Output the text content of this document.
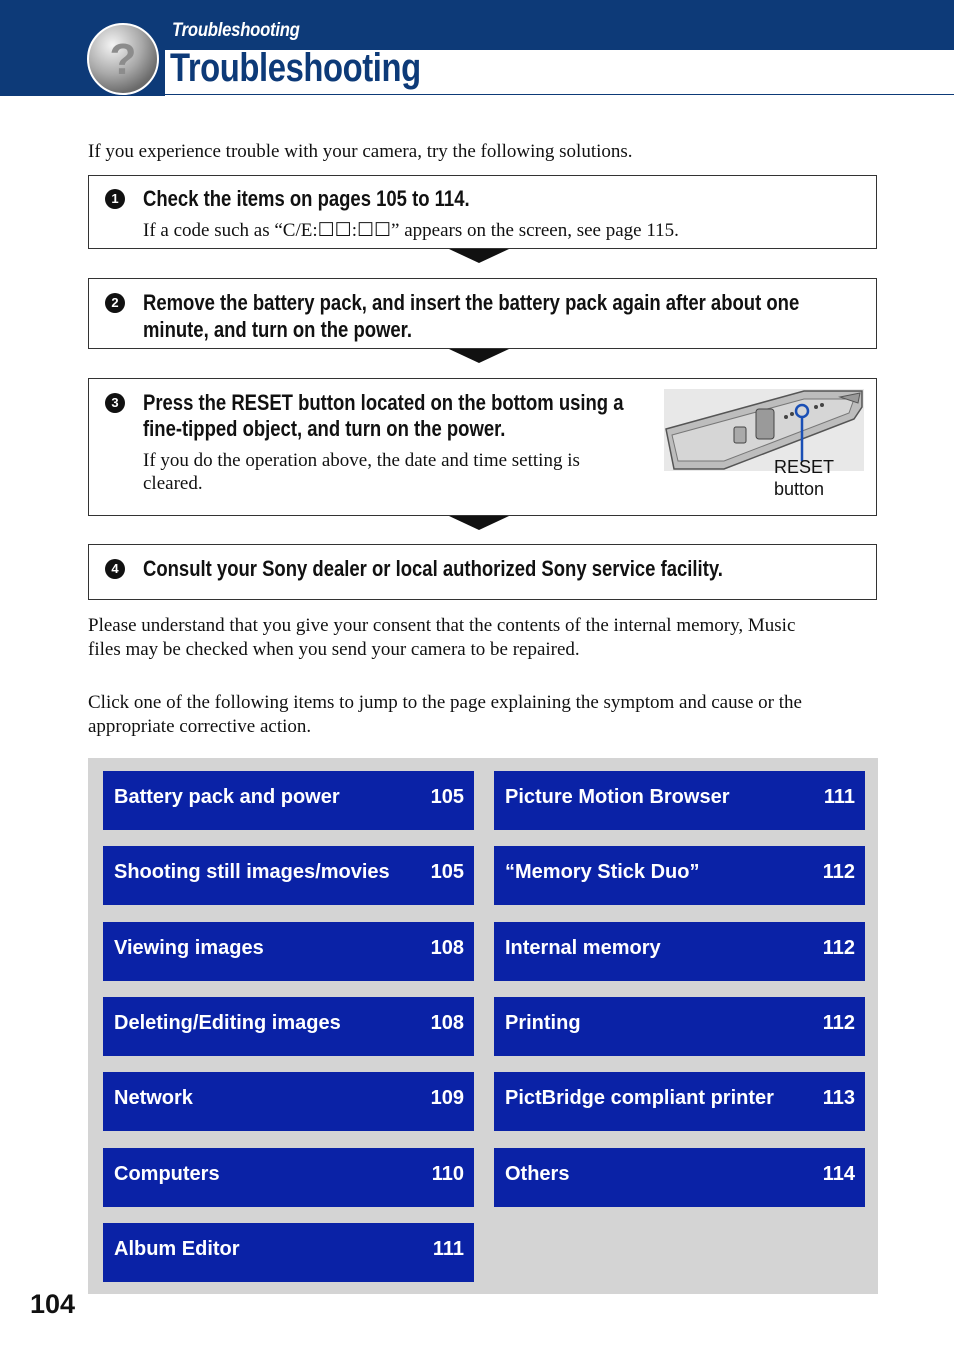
?
Troubleshooting
Troubleshooting
If you experience trouble with your camera, try the following solutions.
1 Check the items on pages 105 to 114.
If a code such as “C/E:☐☐:☐☐” appears on the screen, see page 115.
2 Remove the battery pack, and insert the battery pack again after about one
minute, and turn on the power.
3 Press the RESET button located on the bottom using a
fine-tipped object, and turn on the power.
If you do the operation above, the date and time setting is
cleared.
RESET
button
4 Consult your Sony dealer or local authorized Sony service facility.
Please understand that you give your consent that the contents of the internal memory, Music
files may be checked when you send your camera to be repaired.
Click one of the following items to jump to the page explaining the symptom and cause or the
appropriate corrective action.
Battery pack and power	105
Shooting still images/movies 105
Viewing images	108
Deleting/Editing images	108
Network	109
Computers	110
Album Editor	111
Picture Motion Browser	111
“Memory Stick Duo”	112
Internal memory	112
Printing	112
PictBridge compliant printer 113
Others	114
104
